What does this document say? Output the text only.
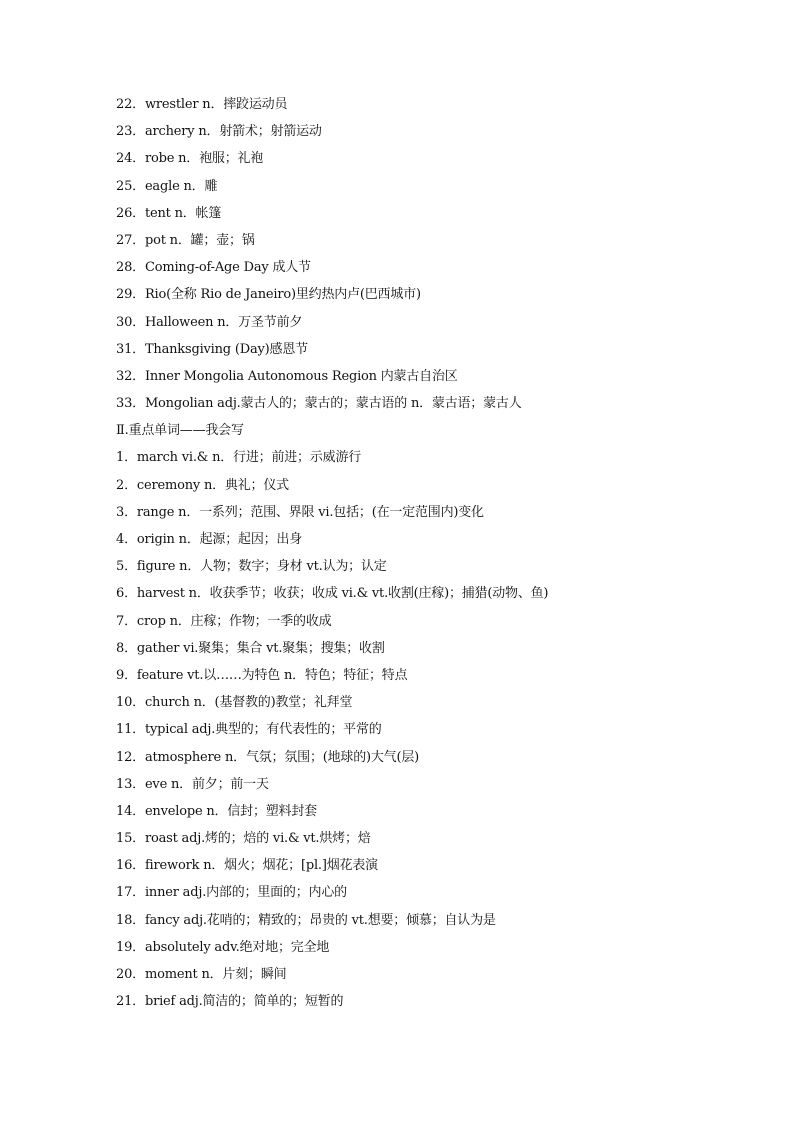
22．wrestler n．摔跤运动员
23．archery n．射箭术；射箭运动
24．robe n．袍服；礼袍
25．eagle n．雕
26．tent n．帐篷
27．pot n．罐；壶；锅
28．Coming-of-Age Day 成人节
29．Rio(全称 Rio de Janeiro)里约热内卢(巴西城市)
30．Halloween n．万圣节前夕
31．Thanksgiving (Day)感恩节
32．Inner Mongolia Autonomous Region 内蒙古自治区
33．Mongolian adj.蒙古人的；蒙古的；蒙古语的 n．蒙古语；蒙古人
Ⅱ.重点单词——我会写
1．march vi.& n．行进；前进；示威游行
2．ceremony n．典礼；仪式
3．range n．一系列；范围、界限 vi.包括；(在一定范围内)变化
4．origin n．起源；起因；出身
5．figure n．人物；数字；身材 vt.认为；认定
6．harvest n．收获季节；收获；收成 vi.& vt.收割(庄稼)；捕猎(动物、鱼)
7．crop n．庄稼；作物；一季的收成
8．gather vi.聚集；集合 vt.聚集；搜集；收割
9．feature vt.以……为特色 n．特色；特征；特点
10．church n．(基督教的)教堂；礼拜堂
11．typical adj.典型的；有代表性的；平常的
12．atmosphere n．气氛；氛围；(地球的)大气(层)
13．eve n．前夕；前一天
14．envelope n．信封；塑料封套
15．roast adj.烤的；焙的 vi.& vt.烘烤；焙
16．firework n．烟火；烟花；[pl.]烟花表演
17．inner adj.内部的；里面的；内心的
18．fancy adj.花哨的；精致的；昂贵的 vt.想要；倾慕；自认为是
19．absolutely adv.绝对地；完全地
20．moment n．片刻；瞬间
21．brief adj.简洁的；简单的；短暂的
